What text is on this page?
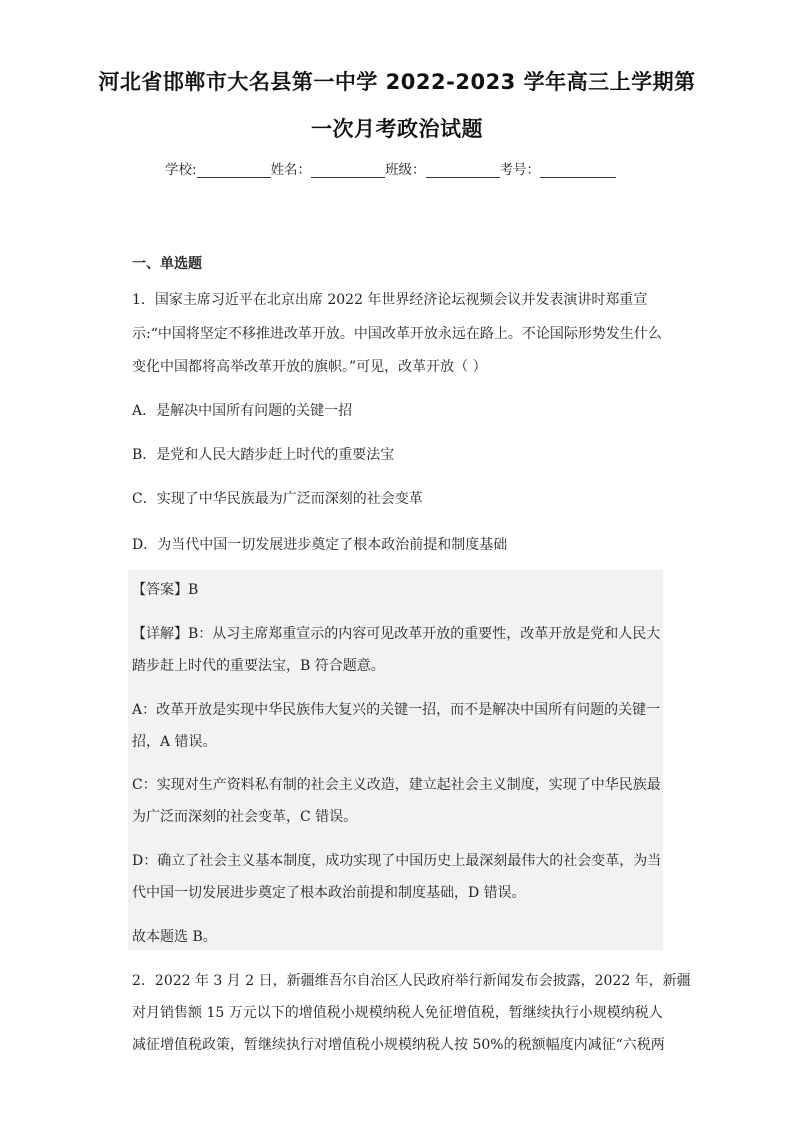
河北省邯郸市大名县第一中学 2022-2023 学年高三上学期第
一次月考政治试题
学校:	姓名：	班级：	考号：
一、单选题
1．国家主席习近平在北京出席 2022 年世界经济论坛视频会议并发表演讲时郑重宣
示:“中国将坚定不移推进改革开放。中国改革开放永远在路上。不论国际形势发生什么
变化中国都将高举改革开放的旗帜。”可见，改革开放（ ）
A．是解决中国所有问题的关键一招
B．是党和人民大踏步赶上时代的重要法宝
C．实现了中华民族最为广泛而深刻的社会变革
D．为当代中国一切发展进步奠定了根本政治前提和制度基础
【答案】B
【详解】B：从习主席郑重宣示的内容可见改革开放的重要性，改革开放是党和人民大
踏步赶上时代的重要法宝，B 符合题意。
A：改革开放是实现中华民族伟大复兴的关键一招，而不是解决中国所有问题的关键一
招，A 错误。
C：实现对生产资料私有制的社会主义改造，建立起社会主义制度，实现了中华民族最
为广泛而深刻的社会变革，C 错误。
D：确立了社会主义基本制度，成功实现了中国历史上最深刻最伟大的社会变革，为当
代中国一切发展进步奠定了根本政治前提和制度基础，D 错误。
故本题选 B。
2．2022 年 3 月 2 日，新疆维吾尔自治区人民政府举行新闻发布会披露，2022 年，新疆
对月销售额 15 万元以下的增值税小规模纳税人免征增值税，暂继续执行小规模纳税人
减征增值税政策，暂继续执行对增值税小规模纳税人按 50%的税额幅度内减征“六税两
